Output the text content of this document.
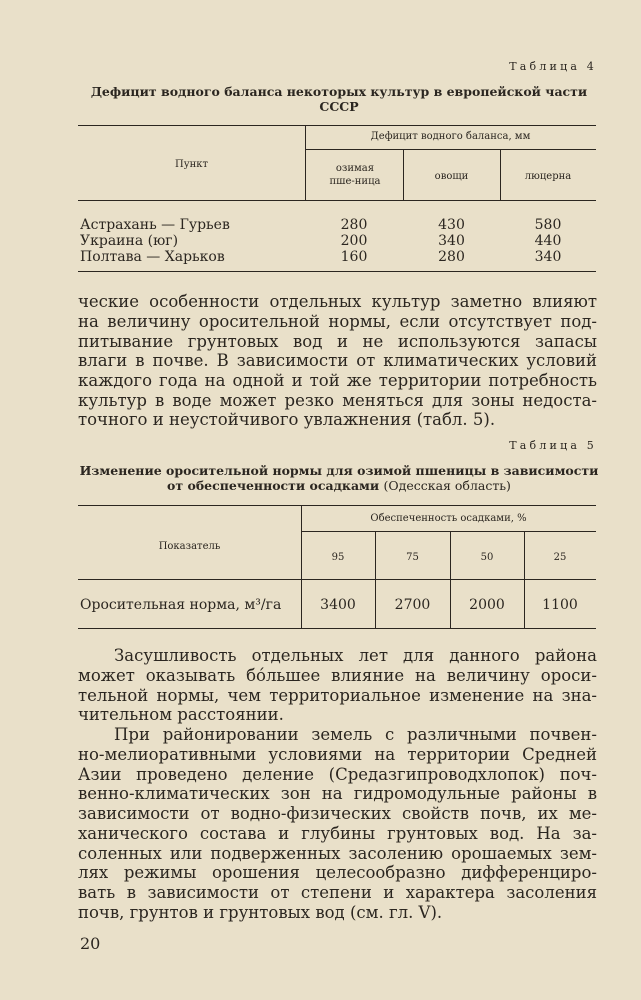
Таблица 4
Дефицит водного баланса некоторых культур в европейской части СССР
Пункт
Дефицит водного баланса, мм
озимая пше-ница	овощи	люцерна
Астрахань — Гурьев	280	430	580
Украина (юг)	200	340	440
Полтава — Харьков	160	280	340
ческие особенности отдельных культур заметно влияют
на величину оросительной нормы, если отсутствует под-
питывание грунтовых вод и не используются запасы
влаги в почве. В зависимости от климатических условий
каждого года на одной и той же территории потребность
культур в воде может резко меняться для зоны недоста-
точного и неустойчивого увлажнения (табл. 5).
Таблица 5
Изменение оросительной нормы для озимой пшеницы в зависимости от обеспеченности осадками (Одесская область)
Показатель
Обеспеченность осадками, %
95	75	50	25
Оросительная норма, м³/га	3400	2700	2000	1100
Засушливость отдельных лет для данного района
может оказывать бо́льшее влияние на величину ороси-
тельной нормы, чем территориальное изменение на зна-
чительном расстоянии.
При районировании земель с различными почвен-
но-мелиоративными условиями на территории Средней
Азии проведено деление (Средазгипроводхлопок) поч-
венно-климатических зон на гидромодульные районы в
зависимости от водно-физических свойств почв, их ме-
ханического состава и глубины грунтовых вод. На за-
соленных или подверженных засолению орошаемых зем-
лях режимы орошения целесообразно дифференциро-
вать в зависимости от степени и характера засоления
почв, грунтов и грунтовых вод (см. гл. V).
20
